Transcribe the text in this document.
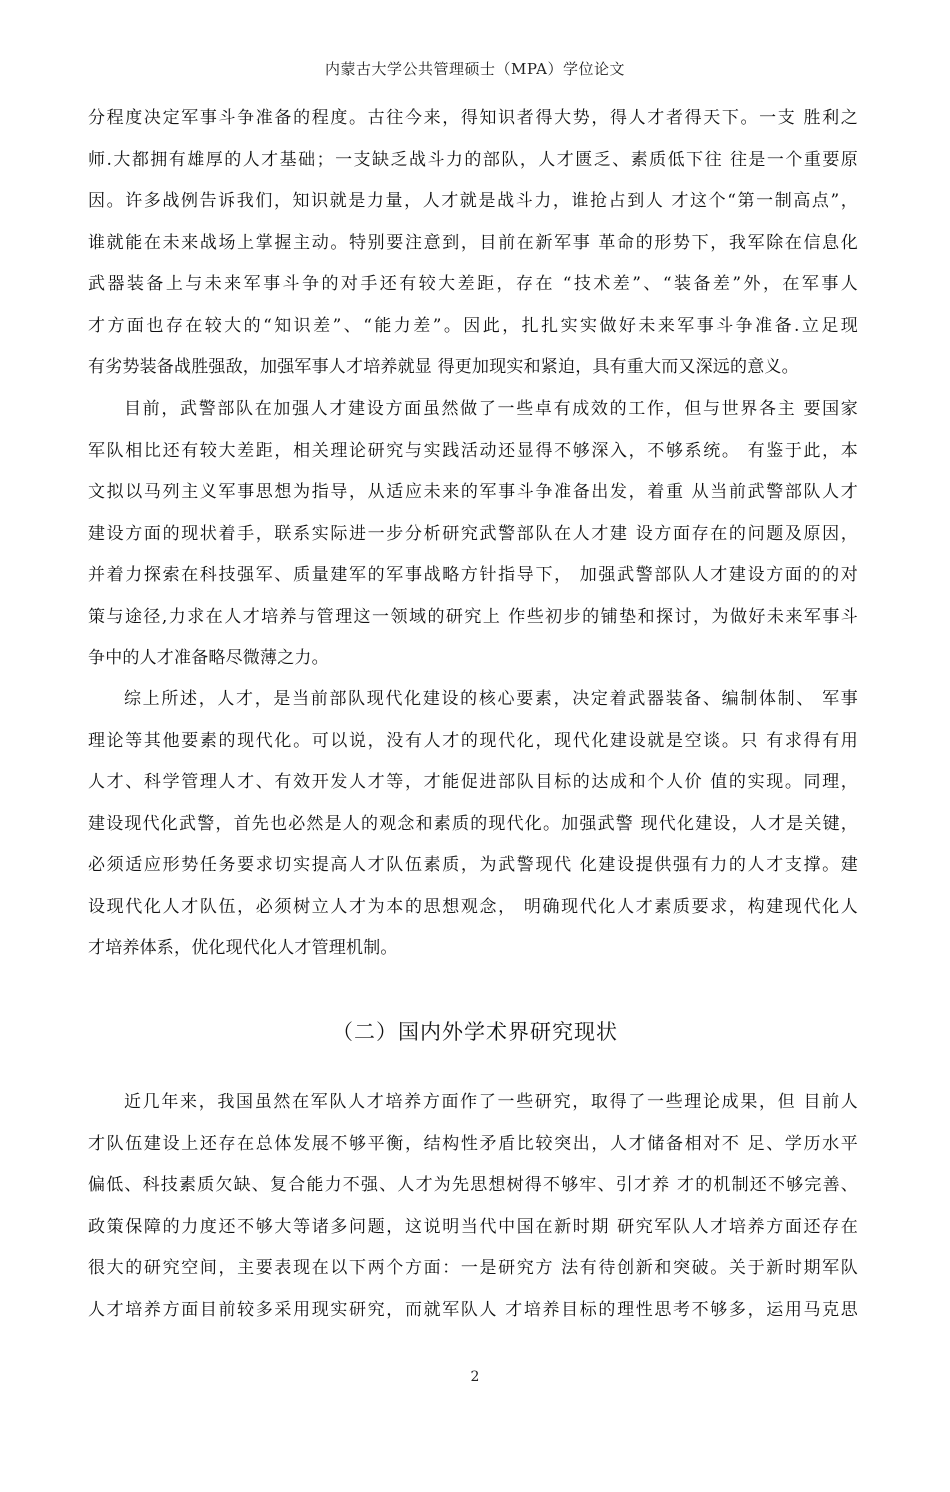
内蒙古大学公共管理硕士（MPA）学位论文
分程度决定军事斗争准备的程度。古往今来，得知识者得大势，得人才者得天下。一支 胜利之
师.大都拥有雄厚的人才基础；一支缺乏战斗力的部队，人才匮乏、素质低下往 往是一个重要原
因。许多战例告诉我们，知识就是力量，人才就是战斗力，谁抢占到人 才这个“第一制高点”，
谁就能在未来战场上掌握主动。特别要注意到，目前在新军事 革命的形势下，我军除在信息化
武器装备上与未来军事斗争的对手还有较大差距，存在 “技术差”、“装备差”外，在军事人
才方面也存在较大的“知识差”、“能力差”。因此，扎扎实实做好未来军事斗争准备.立足现
有劣势装备战胜强敌，加强军事人才培养就显 得更加现实和紧迫，具有重大而又深远的意义。
目前，武警部队在加强人才建设方面虽然做了一些卓有成效的工作，但与世界各主 要国家
军队相比还有较大差距，相关理论研究与实践活动还显得不够深入，不够系统。 有鉴于此，本
文拟以马列主义军事思想为指导，从适应未来的军事斗争准备出发，着重 从当前武警部队人才
建设方面的现状着手，联系实际进一步分析研究武警部队在人才建 设方面存在的问题及原因，
并着力探索在科技强军、质量建军的军事战略方针指导下， 加强武警部队人才建设方面的的对
策与途径,力求在人才培养与管理这一领域的研究上 作些初步的铺垫和探讨，为做好未来军事斗
争中的人才准备略尽微薄之力。
综上所述，人才，是当前部队现代化建设的核心要素，决定着武器装备、编制体制、 军事
理论等其他要素的现代化。可以说，没有人才的现代化，现代化建设就是空谈。只 有求得有用
人才、科学管理人才、有效开发人才等，才能促进部队目标的达成和个人价 值的实现。同理，
建设现代化武警，首先也必然是人的观念和素质的现代化。加强武警 现代化建设，人才是关键，
必须适应形势任务要求切实提高人才队伍素质，为武警现代 化建设提供强有力的人才支撑。建
设现代化人才队伍，必须树立人才为本的思想观念， 明确现代化人才素质要求，构建现代化人
才培养体系，优化现代化人才管理机制。
（二）国内外学术界研究现状
近几年来，我国虽然在军队人才培养方面作了一些研究，取得了一些理论成果，但 目前人
才队伍建设上还存在总体发展不够平衡，结构性矛盾比较突出，人才储备相对不 足、学历水平
偏低、科技素质欠缺、复合能力不强、人才为先思想树得不够牢、引才养 才的机制还不够完善、
政策保障的力度还不够大等诸多问题，这说明当代中国在新时期 研究军队人才培养方面还存在
很大的研究空间，主要表现在以下两个方面：一是研究方 法有待创新和突破。关于新时期军队
人才培养方面目前较多采用现实研究，而就军队人 才培养目标的理性思考不够多，运用马克思
2
